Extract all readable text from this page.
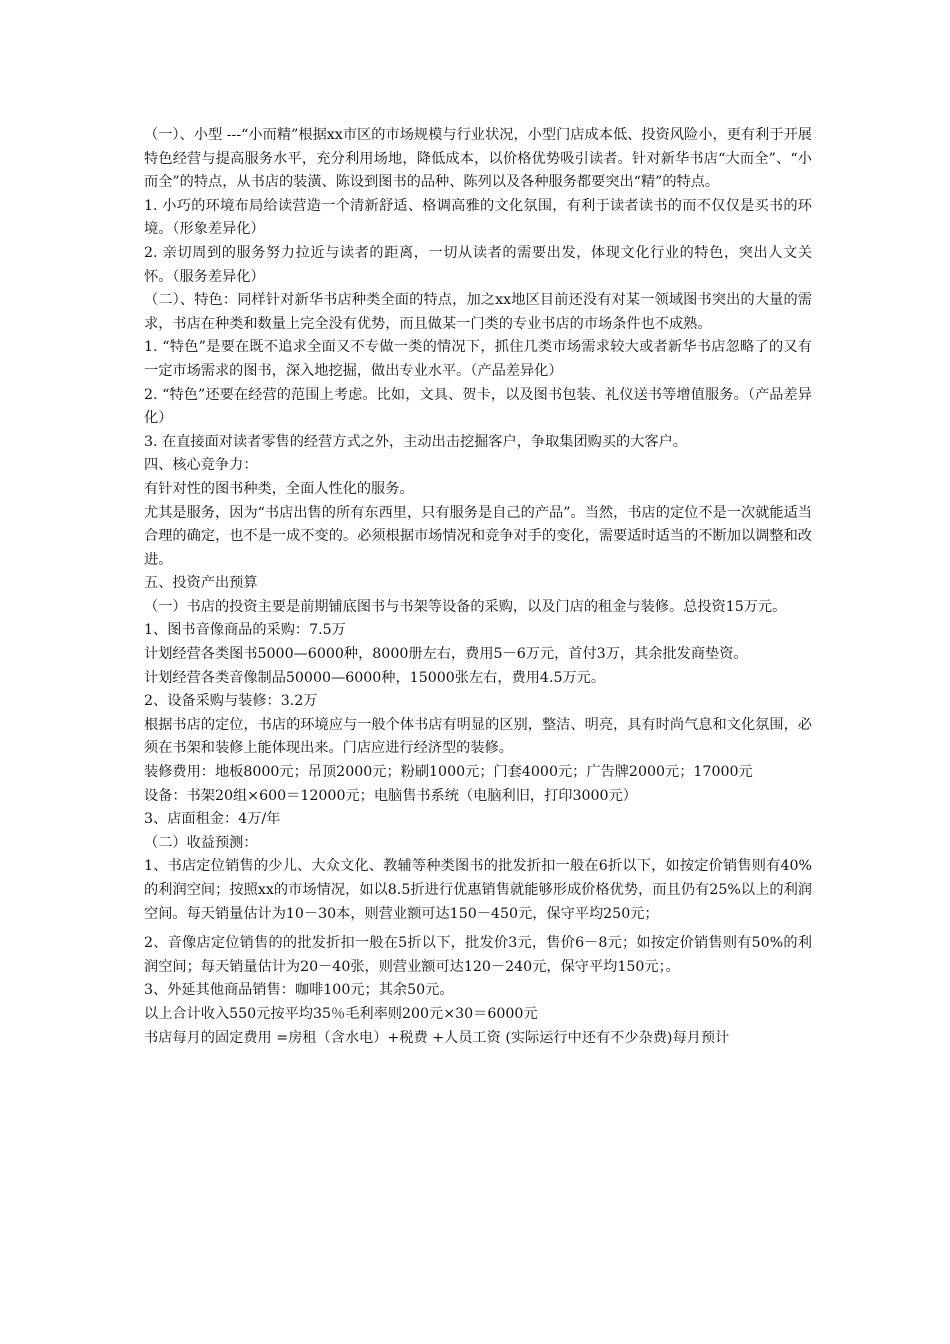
（一）、小型 ---“小而精”根据xx市区的市场规模与行业状况，小型门店成本低、投资风险小，更有利于开展特色经营与提高服务水平，充分利用场地，降低成本，以价格优势吸引读者。针对新华书店“大而全”、“小而全”的特点，从书店的装潢、陈设到图书的品种、陈列以及各种服务都要突出“精”的特点。

1. 小巧的环境布局给读营造一个清新舒适、格调高雅的文化氛围，有利于读者读书的而不仅仅是买书的环境。（形象差异化）

2. 亲切周到的服务努力拉近与读者的距离，一切从读者的需要出发，体现文化行业的特色，突出人文关怀。（服务差异化）

（二）、特色：同样针对新华书店种类全面的特点，加之xx地区目前还没有对某一领域图书突出的大量的需求，书店在种类和数量上完全没有优势，而且做某一门类的专业书店的市场条件也不成熟。

1. “特色”是要在既不追求全面又不专做一类的情况下，抓住几类市场需求较大或者新华书店忽略了的又有一定市场需求的图书，深入地挖掘，做出专业水平。（产品差异化）

2. “特色”还要在经营的范围上考虑。比如，文具、贺卡，以及图书包装、礼仪送书等增值服务。（产品差异化）

3. 在直接面对读者零售的经营方式之外，主动出击挖掘客户，争取集团购买的大客户。

四、核心竞争力：

有针对性的图书种类，全面人性化的服务。

尤其是服务，因为“书店出售的所有东西里，只有服务是自己的产品”。当然，书店的定位不是一次就能适当合理的确定，也不是一成不变的。必须根据市场情况和竞争对手的变化，需要适时适当的不断加以调整和改进。

五、投资产出预算

（一）书店的投资主要是前期铺底图书与书架等设备的采购，以及门店的租金与装修。总投资15万元。

1、图书音像商品的采购：7.5万

计划经营各类图书5000—6000种，8000册左右，费用5－6万元，首付3万，其余批发商垫资。

计划经营各类音像制品50000—6000种，15000张左右，费用4.5万元。

2、设备采购与装修：3.2万

根据书店的定位，书店的环境应与一般个体书店有明显的区别，整洁、明亮，具有时尚气息和文化氛围，必须在书架和装修上能体现出来。门店应进行经济型的装修。

装修费用：地板8000元；吊顶2000元；粉刷1000元；门套4000元；广告牌2000元；17000元

设备：书架20组×600＝12000元；电脑售书系统（电脑利旧，打印3000元）

3、店面租金：4万/年

（二）收益预测：

1、书店定位销售的少儿、大众文化、教辅等种类图书的批发折扣一般在6折以下，如按定价销售则有40%的利润空间；按照xx的市场情况，如以8.5折进行优惠销售就能够形成价格优势，而且仍有25%以上的利润空间。每天销量估计为10－30本，则营业额可达150－450元，保守平均250元；

2、音像店定位销售的的批发折扣一般在5折以下，批发价3元，售价6－8元；如按定价销售则有50%的利润空间；每天销量估计为20－40张，则营业额可达120－240元，保守平均150元；。

3、外延其他商品销售：咖啡100元；其余50元。

以上合计收入550元按平均35％毛利率则200元×30＝6000元

书店每月的固定费用 =房租（含水电）+税费 +人员工资 (实际运行中还有不少杂费)每月预计
